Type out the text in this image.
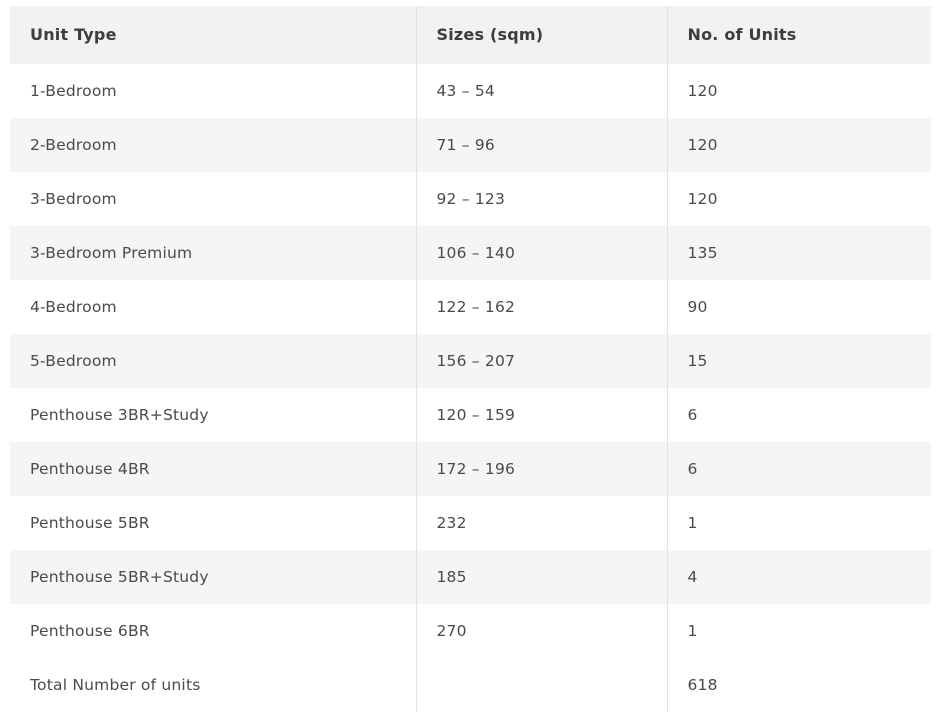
Unit Type	Sizes (sqm)	No. of Units

1-Bedroom	43 – 54	120

2-Bedroom	71 – 96	120

3-Bedroom	92 – 123	120

3-Bedroom Premium	106 – 140	135

4-Bedroom	122 – 162	90

5-Bedroom	156 – 207	15

Penthouse 3BR+Study	120 – 159	6

Penthouse 4BR	172 – 196	6

Penthouse 5BR	232	1

Penthouse 5BR+Study	185	4

Penthouse 6BR	270	1

Total Number of units		618
